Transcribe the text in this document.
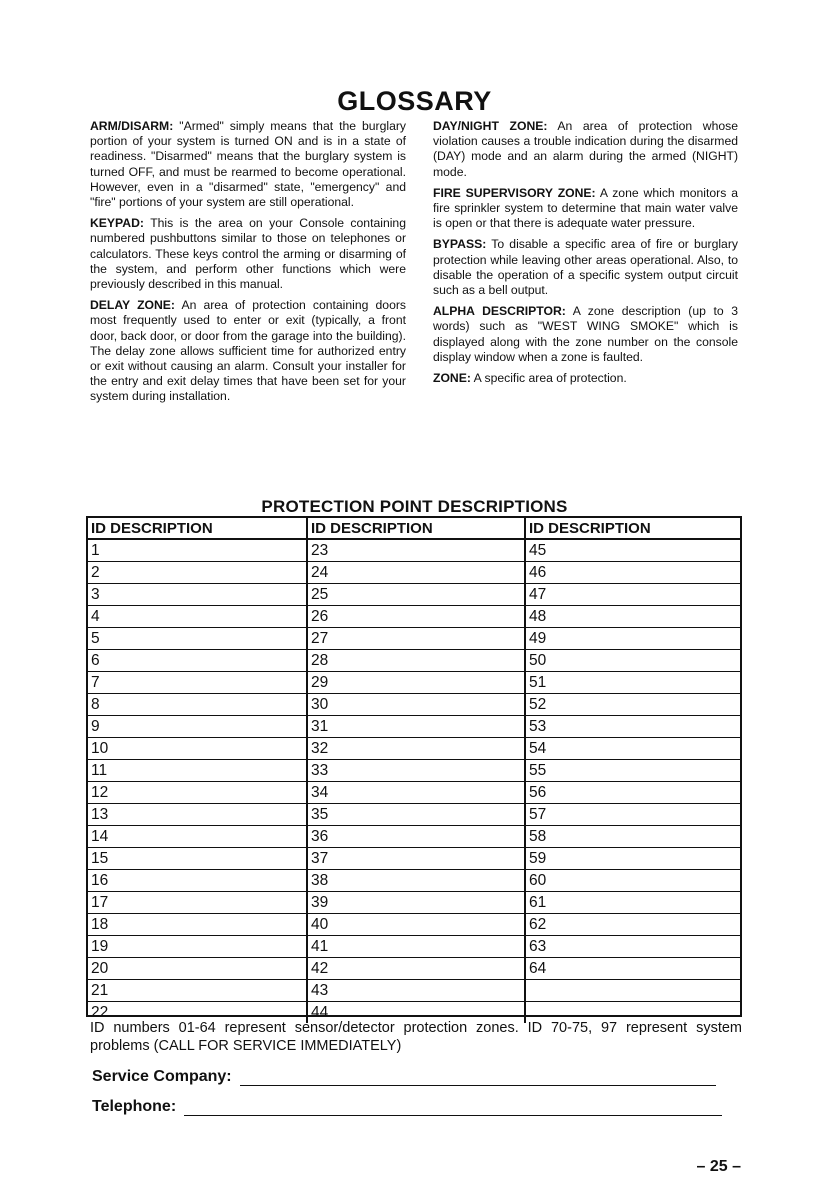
GLOSSARY

ARM/DISARM: "Armed" simply means that the burglary portion of your system is turned ON and is in a state of readiness. "Disarmed" means that the burglary system is turned OFF, and must be rearmed to become operational. However, even in a "disarmed" state, "emergency" and "fire" portions of your system are still operational.

KEYPAD: This is the area on your Console containing numbered pushbuttons similar to those on telephones or calculators. These keys control the arming or disarming of the system, and perform other functions which were previously described in this manual.

DELAY ZONE: An area of protection containing doors most frequently used to enter or exit (typically, a front door, back door, or door from the garage into the building). The delay zone allows sufficient time for authorized entry or exit without causing an alarm. Consult your installer for the entry and exit delay times that have been set for your system during installation.

DAY/NIGHT ZONE: An area of protection whose violation causes a trouble indication during the disarmed (DAY) mode and an alarm during the armed (NIGHT) mode.

FIRE SUPERVISORY ZONE: A zone which monitors a fire sprinkler system to determine that main water valve is open or that there is adequate water pressure.

BYPASS: To disable a specific area of fire or burglary protection while leaving other areas operational. Also, to disable the operation of a specific system output circuit such as a bell output.

ALPHA DESCRIPTOR: A zone description (up to 3 words) such as "WEST WING SMOKE" which is displayed along with the zone number on the console display window when a zone is faulted.

ZONE: A specific area of protection.

PROTECTION POINT DESCRIPTIONS
ID DESCRIPTION
1
2
3
4
5
6
7
8
9
10
11
12
13
14
15
16
17
18
19
20
21
22
ID DESCRIPTION
23
24
25
26
27
28
29
30
31
32
33
34
35
36
37
38
39
40
41
42
43
44
ID DESCRIPTION
45
46
47
48
49
50
51
52
53
54
55
56
57
58
59
60
61
62
63
64
ID numbers 01-64 represent sensor/detector protection zones. ID 70-75, 97 represent system problems (CALL FOR SERVICE IMMEDIATELY)
Service Company:
Telephone:
– 25 –
